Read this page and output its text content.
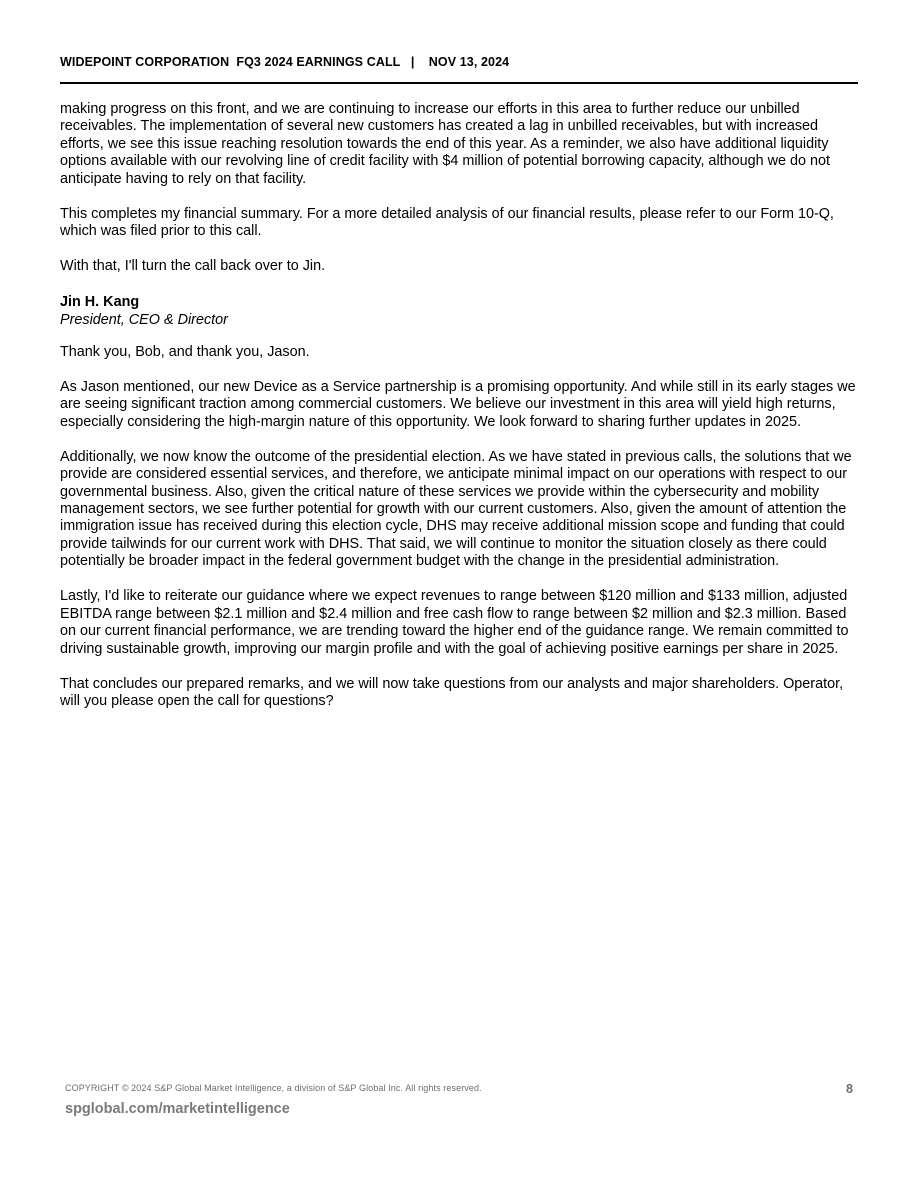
WIDEPOINT CORPORATION  FQ3 2024 EARNINGS CALL   |    NOV 13, 2024

making progress on this front, and we are continuing to increase our efforts in this area to further reduce our unbilled receivables. The implementation of several new customers has created a lag in unbilled receivables, but with increased efforts, we see this issue reaching resolution towards the end of this year. As a reminder, we also have additional liquidity options available with our revolving line of credit facility with $4 million of potential borrowing capacity, although we do not anticipate having to rely on that facility.

This completes my financial summary. For a more detailed analysis of our financial results, please refer to our Form 10-Q, which was filed prior to this call.

With that, I'll turn the call back over to Jin.

Jin H. Kang
President, CEO & Director

Thank you, Bob, and thank you, Jason.

As Jason mentioned, our new Device as a Service partnership is a promising opportunity. And while still in its early stages we are seeing significant traction among commercial customers. We believe our investment in this area will yield high returns, especially considering the high-margin nature of this opportunity. We look forward to sharing further updates in 2025.

Additionally, we now know the outcome of the presidential election. As we have stated in previous calls, the solutions that we provide are considered essential services, and therefore, we anticipate minimal impact on our operations with respect to our governmental business. Also, given the critical nature of these services we provide within the cybersecurity and mobility management sectors, we see further potential for growth with our current customers. Also, given the amount of attention the immigration issue has received during this election cycle, DHS may receive additional mission scope and funding that could provide tailwinds for our current work with DHS. That said, we will continue to monitor the situation closely as there could potentially be broader impact in the federal government budget with the change in the presidential administration.

Lastly, I'd like to reiterate our guidance where we expect revenues to range between $120 million and $133 million, adjusted EBITDA range between $2.1 million and $2.4 million and free cash flow to range between $2 million and $2.3 million. Based on our current financial performance, we are trending toward the higher end of the guidance range. We remain committed to driving sustainable growth, improving our margin profile and with the goal of achieving positive earnings per share in 2025.

That concludes our prepared remarks, and we will now take questions from our analysts and major shareholders. Operator, will you please open the call for questions?

COPYRIGHT © 2024 S&P Global Market Intelligence, a division of S&P Global Inc. All rights reserved.	8
spglobal.com/marketintelligence
